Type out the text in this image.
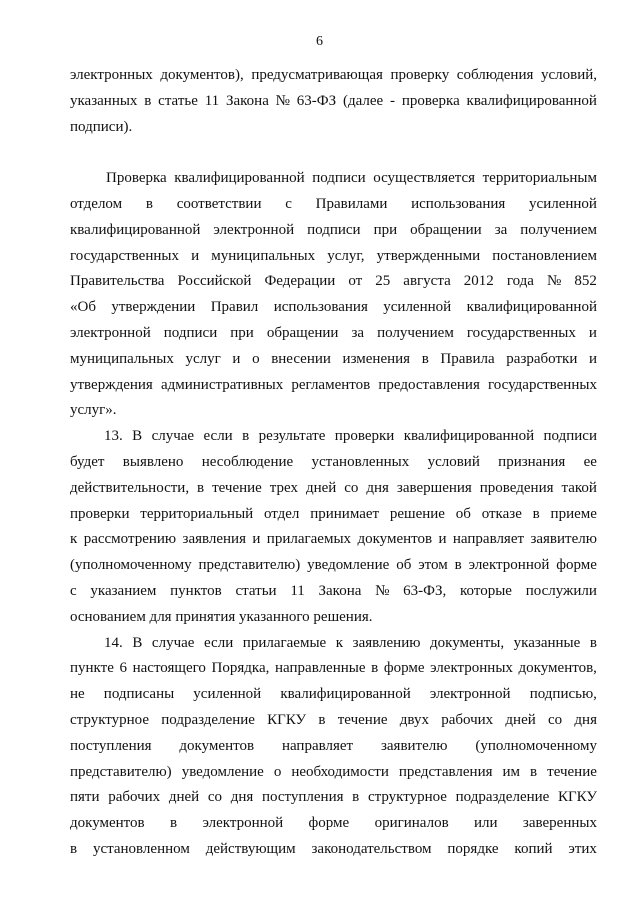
6
электронных документов), предусматривающая проверку соблюдения условий,
указанных в статье 11 Закона № 63-ФЗ (далее - проверка квалифицированной
подписи).
Проверка квалифицированной подписи осуществляется территориальным
отделом в соответствии с Правилами использования усиленной
квалифицированной электронной подписи при обращении за получением
государственных и муниципальных услуг, утвержденными постановлением
Правительства Российской Федерации от 25 августа 2012 года № 852
«Об утверждении Правил использования усиленной квалифицированной
электронной подписи при обращении за получением государственных и
муниципальных услуг и о внесении изменения в Правила разработки и
утверждения административных регламентов предоставления государственных
услуг».
13. В случае если в результате проверки квалифицированной подписи
будет выявлено несоблюдение установленных условий признания ее
действительности, в течение трех дней со дня завершения проведения такой
проверки территориальный отдел принимает решение об отказе в приеме
к рассмотрению заявления и прилагаемых документов и направляет заявителю
(уполномоченному представителю) уведомление об этом в электронной форме
с указанием пунктов статьи 11 Закона № 63-ФЗ, которые послужили
основанием для принятия указанного решения.
14. В случае если прилагаемые к заявлению документы, указанные в
пункте 6 настоящего Порядка, направленные в форме электронных документов,
не подписаны усиленной квалифицированной электронной подписью,
структурное подразделение КГКУ в течение двух рабочих дней со дня
поступления документов направляет заявителю (уполномоченному
представителю) уведомление о необходимости представления им в течение
пяти рабочих дней со дня поступления в структурное подразделение КГКУ
документов в электронной форме оригиналов или заверенных
в установленном действующим законодательством порядке копий этих
